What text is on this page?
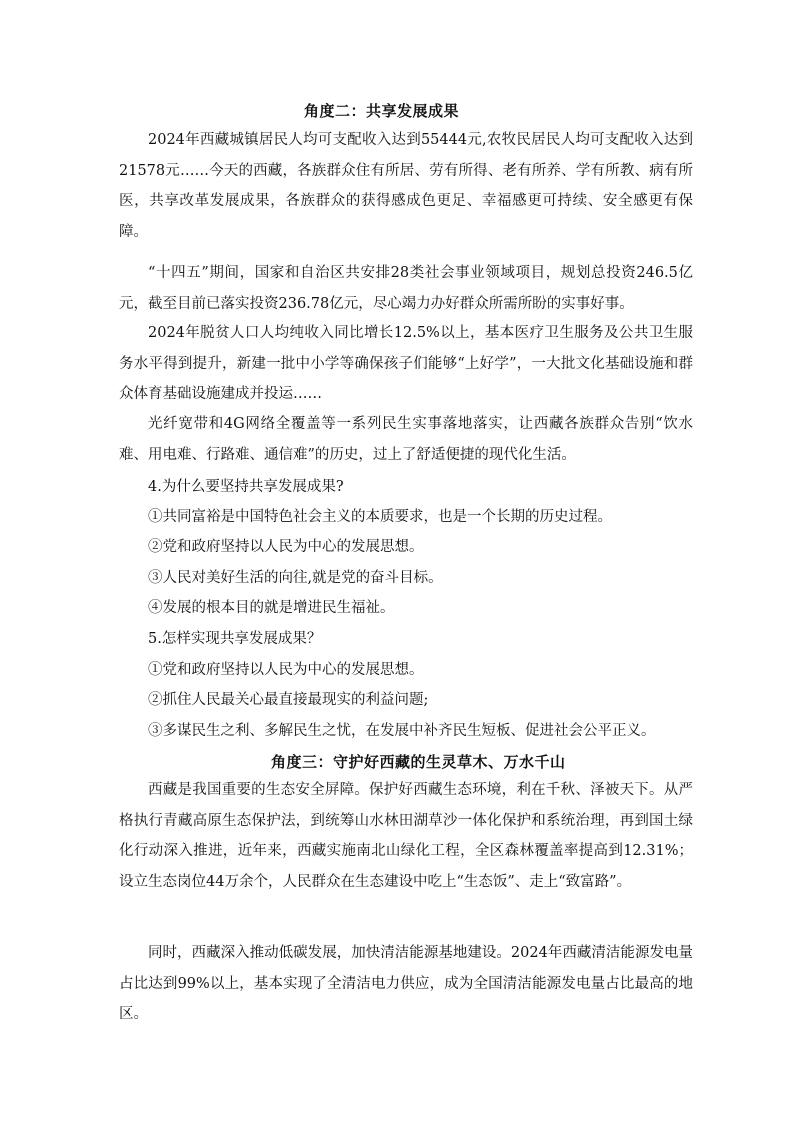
角度二：共享发展成果

2024年西藏城镇居民人均可支配收入达到55444元,农牧民居民人均可支配收入达到21578元……今天的西藏，各族群众住有所居、劳有所得、老有所养、学有所教、病有所医，共享改革发展成果，各族群众的获得感成色更足、幸福感更可持续、安全感更有保障。

“十四五”期间，国家和自治区共安排28类社会事业领域项目，规划总投资246.5亿元，截至目前已落实投资236.78亿元，尽心竭力办好群众所需所盼的实事好事。

2024年脱贫人口人均纯收入同比增长12.5%以上，基本医疗卫生服务及公共卫生服务水平得到提升，新建一批中小学等确保孩子们能够“上好学”，一大批文化基础设施和群众体育基础设施建成并投运……

光纤宽带和4G网络全覆盖等一系列民生实事落地落实，让西藏各族群众告别“饮水难、用电难、行路难、通信难”的历史，过上了舒适便捷的现代化生活。

4.为什么要坚持共享发展成果?

①共同富裕是中国特色社会主义的本质要求，也是一个长期的历史过程。

②党和政府坚持以人民为中心的发展思想。

③人民对美好生活的向往,就是党的奋斗目标。

④发展的根本目的就是增进民生福祉。

5.怎样实现共享发展成果？

①党和政府坚持以人民为中心的发展思想。

②抓住人民最关心最直接最现实的利益问题;

③多谋民生之利、多解民生之忧，在发展中补齐民生短板、促进社会公平正义。

角度三：守护好西藏的生灵草木、万水千山

西藏是我国重要的生态安全屏障。保护好西藏生态环境，利在千秋、泽被天下。从严格执行青藏高原生态保护法，到统筹山水林田湖草沙一体化保护和系统治理，再到国土绿化行动深入推进，近年来，西藏实施南北山绿化工程，全区森林覆盖率提高到12.31%；设立生态岗位44万余个，人民群众在生态建设中吃上“生态饭”、走上“致富路”。

同时，西藏深入推动低碳发展，加快清洁能源基地建设。2024年西藏清洁能源发电量占比达到99%以上，基本实现了全清洁电力供应，成为全国清洁能源发电量占比最高的地区。
